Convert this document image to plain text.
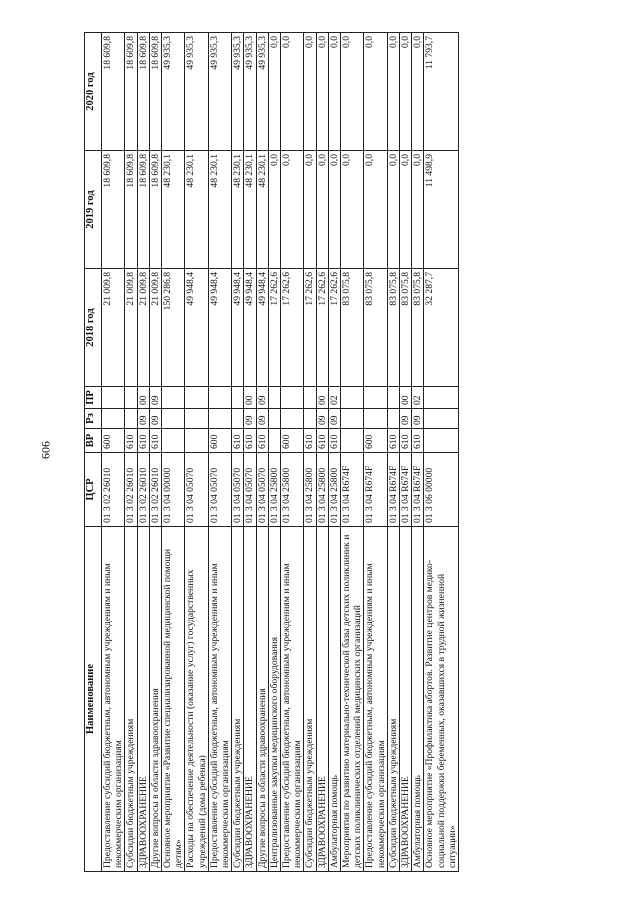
606
Наименование	ЦСР	ВР	Рз	ПР	2018 год	2019 год	2020 год
Предоставление субсидий бюджетным, автономным учреждениям и иным некоммерческим организациям	01 3 02 26010	600			21 009,8	18 609,8	18 609,8
Субсидии бюджетным учреждениям	01 3 02 26010	610			21 009,8	18 609,8	18 609,8
ЗДРАВООХРАНЕНИЕ	01 3 02 26010	610	09	00	21 009,8	18 609,8	18 609,8
Другие вопросы в области здравоохранения	01 3 02 26010	610	09	09	21 009,8	18 609,8	18 609,8
Основное мероприятие «Развитие специализированной медицинской помощи детям»	01 3 04 00000				150 286,8	48 230,1	49 935,3
Расходы на обеспечение деятельности (оказание услуг) государственных учреждений (дома ребенка)	01 3 04 05070				49 948,4	48 230,1	49 935,3
Предоставление субсидий бюджетным, автономным учреждениям и иным некоммерческим организациям	01 3 04 05070	600			49 948,4	48 230,1	49 935,3
Субсидии бюджетным учреждениям	01 3 04 05070	610			49 948,4	48 230,1	49 935,3
ЗДРАВООХРАНЕНИЕ	01 3 04 05070	610	09	00	49 948,4	48 230,1	49 935,3
Другие вопросы в области здравоохранения	01 3 04 05070	610	09	09	49 948,4	48 230,1	49 935,3
Централизованные закупки медицинского оборудования	01 3 04 25800				17 262,6	0,0	0,0
Предоставление субсидий бюджетным, автономным учреждениям и иным некоммерческим организациям	01 3 04 25800	600			17 262,6	0,0	0,0
Субсидии бюджетным учреждениям	01 3 04 25800	610			17 262,6	0,0	0,0
ЗДРАВООХРАНЕНИЕ	01 3 04 25800	610	09	00	17 262,6	0,0	0,0
Амбулаторная помощь	01 3 04 25800	610	09	02	17 262,6	0,0	0,0
Мероприятия по развитию материально-технической базы детских поликлиник и детских поликлинических отделений медицинских организаций	01 3 04 R674F				83 075,8	0,0	0,0
Предоставление субсидий бюджетным, автономным учреждениям и иным некоммерческим организациям	01 3 04 R674F	600			83 075,8	0,0	0,0
Субсидии бюджетным учреждениям	01 3 04 R674F	610			83 075,8	0,0	0,0
ЗДРАВООХРАНЕНИЕ	01 3 04 R674F	610	09	00	83 075,8	0,0	0,0
Амбулаторная помощь	01 3 04 R674F	610	09	02	83 075,8	0,0	0,0
Основное мероприятие «Профилактика абортов. Развитие центров медико-социальной поддержки беременных, оказавшихся в трудной жизненной ситуации»	01 3 06 00000				32 287,7	11 498,9	11 793,7
